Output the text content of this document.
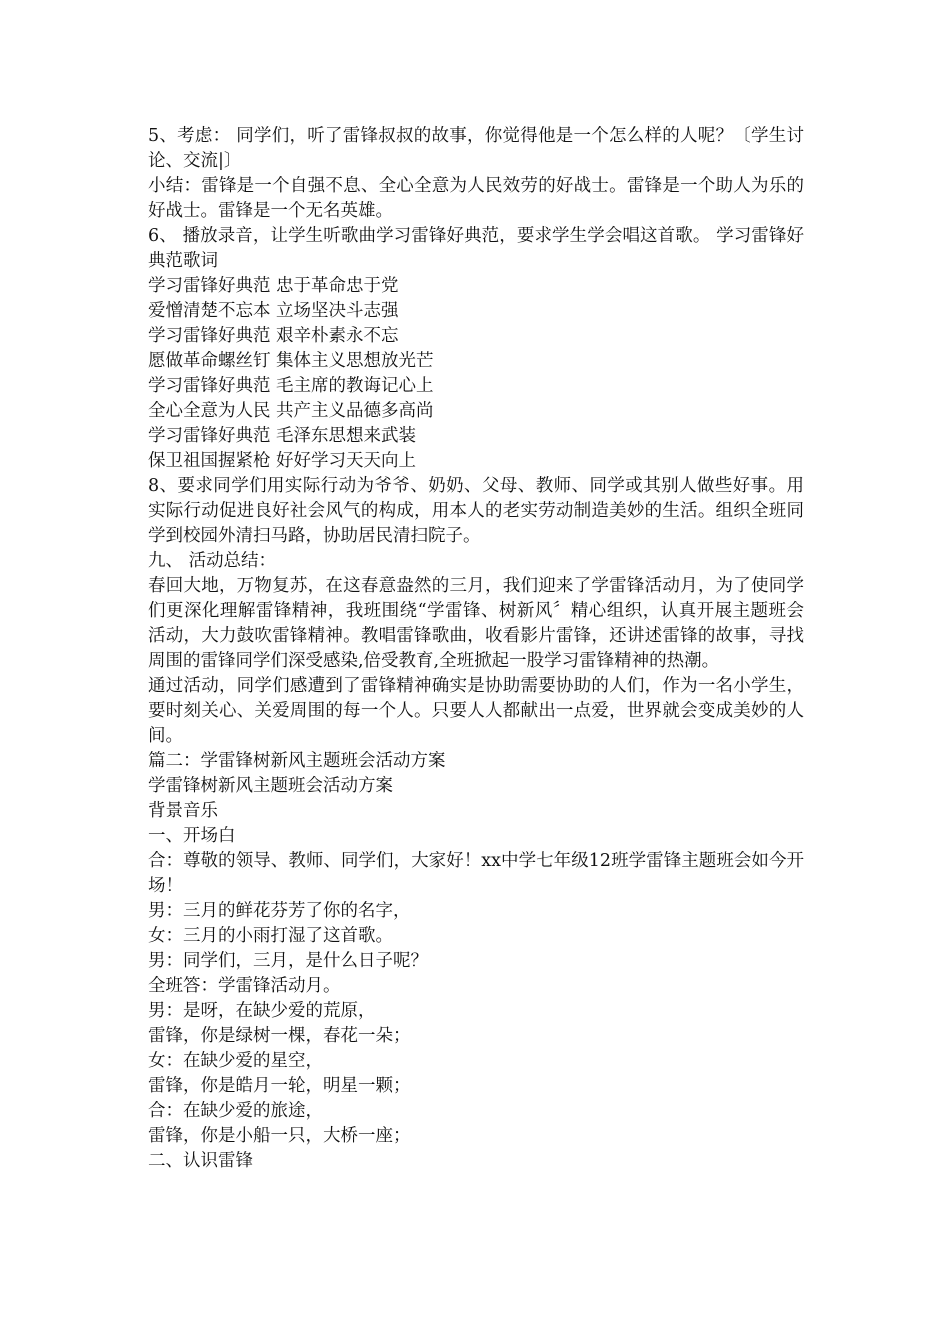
5、考虑： 同学们，听了雷锋叔叔的故事，你觉得他是一个怎么样的人呢？〔学生讨论、交流|〕

小结：雷锋是一个自强不息、全心全意为人民效劳的好战士。雷锋是一个助人为乐的好战士。雷锋是一个无名英雄。

6、 播放录音，让学生听歌曲学习雷锋好典范，要求学生学会唱这首歌。 学习雷锋好典范歌词

学习雷锋好典范 忠于革命忠于党

爱憎清楚不忘本 立场坚决斗志强

学习雷锋好典范 艰辛朴素永不忘

愿做革命螺丝钉 集体主义思想放光芒

学习雷锋好典范 毛主席的教诲记心上

全心全意为人民 共产主义品德多高尚

学习雷锋好典范 毛泽东思想来武装

保卫祖国握紧枪 好好学习天天向上

8、要求同学们用实际行动为爷爷、奶奶、父母、教师、同学或其别人做些好事。用实际行动促进良好社会风气的构成，用本人的老实劳动制造美妙的生活。组织全班同学到校园外清扫马路，协助居民清扫院子。

九、 活动总结：

春回大地，万物复苏，在这春意盎然的三月，我们迎来了学雷锋活动月，为了使同学们更深化理解雷锋精神，我班围绕“学雷锋、树新风〞精心组织，认真开展主题班会活动，大力鼓吹雷锋精神。教唱雷锋歌曲，收看影片雷锋，还讲述雷锋的故事，寻找周围的雷锋同学们深受感染,倍受教育,全班掀起一股学习雷锋精神的热潮。

通过活动，同学们感遭到了雷锋精神确实是协助需要协助的人们，作为一名小学生，要时刻关心、关爱周围的每一个人。只要人人都献出一点爱，世界就会变成美妙的人间。

篇二：学雷锋树新风主题班会活动方案

学雷锋树新风主题班会活动方案

背景音乐

一、开场白

合：尊敬的领导、教师、同学们，大家好！xx中学七年级12班学雷锋主题班会如今开场！

男：三月的鲜花芬芳了你的名字，

女：三月的小雨打湿了这首歌。

男：同学们，三月，是什么日子呢？

全班答：学雷锋活动月。

男：是呀，在缺少爱的荒原，

雷锋，你是绿树一棵，春花一朵；

女：在缺少爱的星空，

雷锋，你是皓月一轮，明星一颗；

合：在缺少爱的旅途，

雷锋，你是小船一只，大桥一座；

二、认识雷锋
